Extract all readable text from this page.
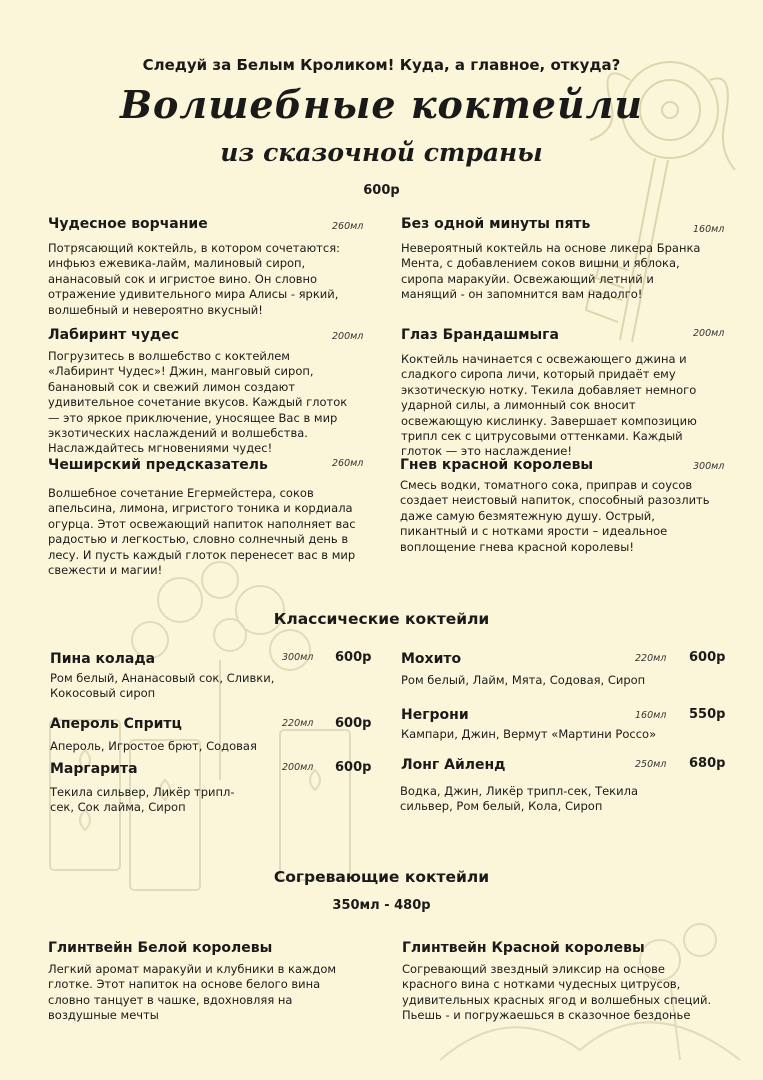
Следуй за Белым Кроликом! Куда, а главное, откуда?
Волшебные коктейли
из сказочной страны
600р
Чудесное ворчание	260мл
Потрясающий коктейль, в котором сочетаются: инфьюз ежевика-лайм, малиновый сироп, ананасовый сок и игристое вино. Он словно отражение удивительного мира Алисы - яркий, волшебный и невероятно вкусный!
Лабиринт чудес	200мл
Погрузитесь в волшебство с коктейлем «Лабиринт Чудес»! Джин, манговый сироп, банановый сок и свежий лимон создают удивительное сочетание вкусов. Каждый глоток — это яркое приключение, уносящее Вас в мир экзотических наслаждений и волшебства. Наслаждайтесь мгновениями чудес!
Чеширский предсказатель	260мл
Волшебное сочетание Егермейстера, соков апельсина, лимона, игристого тоника и кордиала огурца. Этот освежающий напиток наполняет вас радостью и легкостью, словно солнечный день в лесу. И пусть каждый глоток перенесет вас в мир свежести и магии!
Без одной минуты пять	160мл
Невероятный коктейль на основе ликера Бранка Мента, с добавлением соков вишни и яблока, сиропа маракуйи. Освежающий летний и манящий - он запомнится вам надолго!
Глаз Брандашмыга	200мл
Коктейль начинается с освежающего джина и сладкого сиропа личи, который придаёт ему экзотическую нотку. Текила добавляет немного ударной силы, а лимонный сок вносит освежающую кислинку. Завершает композицию трипл сек с цитрусовыми оттенками. Каждый глоток — это наслаждение!
Гнев красной королевы	300мл
Смесь водки, томатного сока, приправ и соусов создает неистовый напиток, способный разозлить даже самую безмятежную душу. Острый, пикантный и с нотками ярости – идеальное воплощение гнева красной королевы!
Классические коктейли
Пина колада	300мл 600р
Ром белый, Ананасовый сок, Сливки, Кокосовый сироп
Апероль Спритц	220мл 600р
Апероль, Игростое брют, Содовая
Маргарита	200мл 600р
Текила сильвер, Ликёр трипл-сек, Сок лайма, Сироп
Мохито	220мл 600р
Ром белый, Лайм, Мята, Содовая, Сироп
Негрони	160мл 550р
Кампари, Джин, Вермут «Мартини Россо»
Лонг Айленд	250мл 680р
Водка, Джин, Ликёр трипл-сек, Текила сильвер, Ром белый, Кола, Сироп
Согревающие коктейли
350мл - 480р
Глинтвейн Белой королевы
Легкий аромат маракуйи и клубники в каждом глотке. Этот напиток на основе белого вина словно танцует в чашке, вдохновляя на воздушные мечты
Глинтвейн Красной королевы
Согревающий звездный эликсир на основе красного вина с нотками чудесных цитрусов, удивительных красных ягод и волшебных специй. Пьешь - и погружаешься в сказочное бездонье
